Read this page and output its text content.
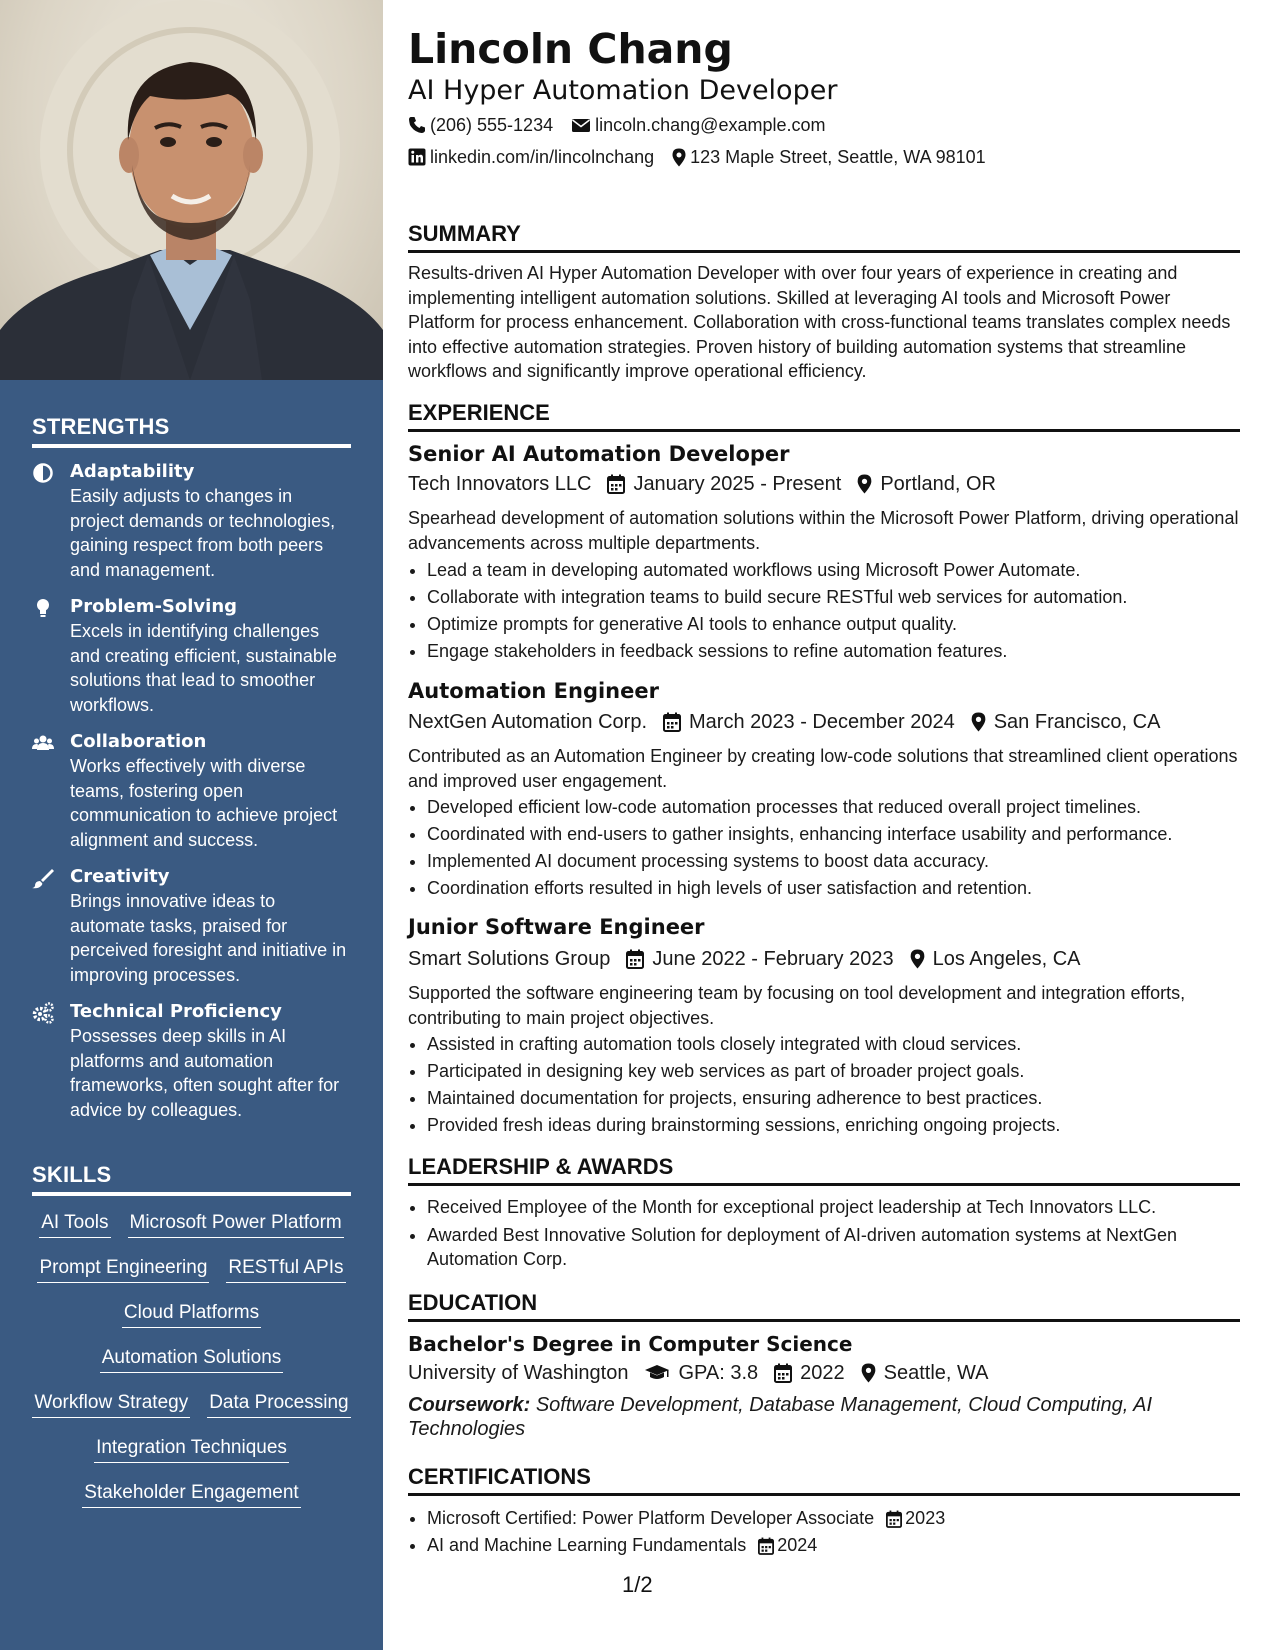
STRENGTHS
Adaptability
Easily adjusts to changes in project demands or technologies, gaining respect from both peers and management.
Problem-Solving
Excels in identifying challenges and creating efficient, sustainable solutions that lead to smoother workflows.
Collaboration
Works effectively with diverse teams, fostering open communication to achieve project alignment and success.
Creativity
Brings innovative ideas to automate tasks, praised for perceived foresight and initiative in improving processes.
Technical Proficiency
Possesses deep skills in AI platforms and automation frameworks, often sought after for advice by colleagues.
SKILLS
AI Tools Microsoft Power Platform
Prompt Engineering RESTful APIs
Cloud Platforms
Automation Solutions
Workflow Strategy Data Processing
Integration Techniques
Stakeholder Engagement
Lincoln Chang
AI Hyper Automation Developer
(206) 555-1234 lincoln.chang@example.com
linkedin.com/in/lincolnchang 123 Maple Street, Seattle, WA 98101
SUMMARY

Results-driven AI Hyper Automation Developer with over four years of experience in creating and implementing intelligent automation solutions. Skilled at leveraging AI tools and Microsoft Power Platform for process enhancement. Collaboration with cross-functional teams translates complex needs into effective automation strategies. Proven history of building automation systems that streamline workflows and significantly improve operational efficiency.

EXPERIENCE
Senior AI Automation Developer
Tech Innovators LLC January 2025 - Present Portland, OR

Spearhead development of automation solutions within the Microsoft Power Platform, driving operational advancements across multiple departments.

• Lead a team in developing automated workflows using Microsoft Power Automate.
• Collaborate with integration teams to build secure RESTful web services for automation.
• Optimize prompts for generative AI tools to enhance output quality.
• Engage stakeholders in feedback sessions to refine automation features.
Automation Engineer
NextGen Automation Corp. March 2023 - December 2024 San Francisco, CA

Contributed as an Automation Engineer by creating low-code solutions that streamlined client operations and improved user engagement.

• Developed efficient low-code automation processes that reduced overall project timelines.
• Coordinated with end-users to gather insights, enhancing interface usability and performance.
• Implemented AI document processing systems to boost data accuracy.
• Coordination efforts resulted in high levels of user satisfaction and retention.
Junior Software Engineer
Smart Solutions Group June 2022 - February 2023 Los Angeles, CA

Supported the software engineering team by focusing on tool development and integration efforts, contributing to main project objectives.

• Assisted in crafting automation tools closely integrated with cloud services.
• Participated in designing key web services as part of broader project goals.
• Maintained documentation for projects, ensuring adherence to best practices.
• Provided fresh ideas during brainstorming sessions, enriching ongoing projects.
LEADERSHIP & AWARDS
• Received Employee of the Month for exceptional project leadership at Tech Innovators LLC.
• Awarded Best Innovative Solution for deployment of AI-driven automation systems at NextGen Automation Corp.
EDUCATION
Bachelor's Degree in Computer Science
University of Washington	GPA: 3.8 2022 Seattle, WA
Coursework: Software Development, Database Management, Cloud Computing, AI Technologies
CERTIFICATIONS
• Microsoft Certified: Power Platform Developer Associate 2023
• AI and Machine Learning Fundamentals 2024
1/2
